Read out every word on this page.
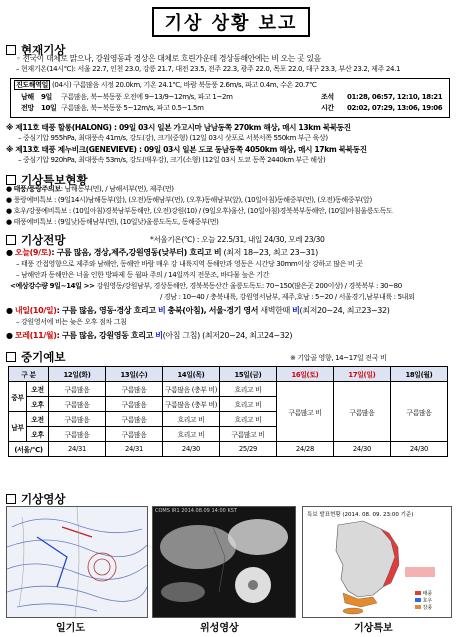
기상 상황 보고
현재기상
◦ 전국이 대체로 맑으나, 강원영동과 경상은 대체로 흐린가운데 경상동해안에는 비 오는 곳 있음
– 현재기온(14시℃): 서울 22.7, 인천 23.0, 강릉 21.7, 대전 23.5, 전주 22.3, 광주 22.0, 목포 22.0, 대구 23.3, 부산 23.2, 제주 24.1
진도해역일 (04시) 구름많음 시정 20.0km, 기온 24.1℃, 바람 북동풍 2.6m/s, 파고 0.4m, 수온 20.7℃
남해 9일 구름많음, 북~북동풍 오전에 9~13/9~12m/s, 파고 1~2m
전망 10일 구름많음, 북~북동풍 5~12m/s, 파고 0.5~1.5m
조석 01:28, 06:57, 12:10, 18:21
시간 02:02, 07:29, 13:06, 19:06
※ 제11호 태풍 할롱(HALONG) : 09일 03시 일본 가고시마 남남동쪽 270km 해상, 매시 13km 북북동진
– 중심기압 955hPa, 최대풍속 41m/s, 강도(강), 크기(중형) (12일 03시 삿포로 서북서쪽 550km 부근 육상)
※ 제13호 태풍 제누비크(GENEVIEVE) : 09일 03시 일본 도쿄 동남동쪽 4050km 해상, 매시 17km 북북동진
– 중심기압 920hPa, 최대풍속 53m/s, 강도(매우강), 크기(소형) (12일 03시 도쿄 동쪽 2440km 부근 해상)
기상특보현황
● 태풍/풍랑주의보: 남해동부(먼), / 남해서부(먼), 제주(먼)
● 풍랑예비특보 : (9일14시)남해동부(앞), (오전)동해남부(먼), (오후)동해남부(앞), (10일아침)동해중부(먼), (오전)동해중부(앞)
● 호우/강풍예비특보 : (10일아침)경북남부동해안, (오전)강원(10) / (9일오후)울산, (10일아침)경북북부동해안, (10일)아침울릉도독도
● 태풍예비특보 : (9일낮)동해남부(먼), (10일낮)울릉도독도, 동해중부(먼)
기상전망	*서울기온(℃) : 오늘 22.5/31, 내일 24/30, 모레 23/30
● 오늘(9/토): 구름 많음, 경상,제주,강원영동(낮부터) 흐리고 비 (최저 18~23, 최고 23~31)
– 태풍 간접영향으로 제주와 남해안, 동해안 바람 매우 강 내륙지역 동해안과 영동은 시간당 30mm이상 강하고 많은 비 곳
– 남해안과 동해안은 너울 인한 방파제 등 월파 주의 / 14일까지 전문조, 바다물 높은 기간
<예상강수량 9일~14일 >> 강원영동/강원남부, 경상동해안, 경북북동산간 울릉도독도: 70~150(많은곳 200이상) / 경북북부 : 30~80
/ 경남 : 10~40 / 충북내륙, 강원영서남부, 제주,호남 : 5~20 / 서울경기,남부내륙 : 5내외
● 내일(10/일): 구름 많음, 영동·경상 흐리고 비 충북(아침), 서울·경기 영서 새벽한때 비(최저20~24, 최고23~32)
– 강원영서에 비는 늦은 오후 점차 그침
● 모레(11/월): 구름 많음, 강원영동 흐리고 비(아침 그침) (최저20~24, 최고24~32)
중기예보	※ 기압골 영향, 14~17일 전국 비
구 분		12일(화)	13일(수)	14일(목)	15일(금)	16일(토)	17일(일)	18일(월)
중부	오전	구름많음	구름많음	구름많음 (충부 비)	흐리고 비	구름많고 비	구름많음	구름많음
	오후	구름많음	구름많음	구름많음 (충부 비)	흐리고 비			
남부	오전	구름많음	구름많음	흐리고 비	흐리고 비			
	오후	구름많음	구름많음	흐리고 비	구름많고 비			
(서울/℃)		24/31	24/31	24/30	25/29	24/28	24/30	24/30
기상영상
COMS IR1 2014.08.09 14:00 KST
특보 발표현황 (2014. 08. 09. 23:00 기준)
태풍
호우
강풍
일기도	위성영상	기상특보
